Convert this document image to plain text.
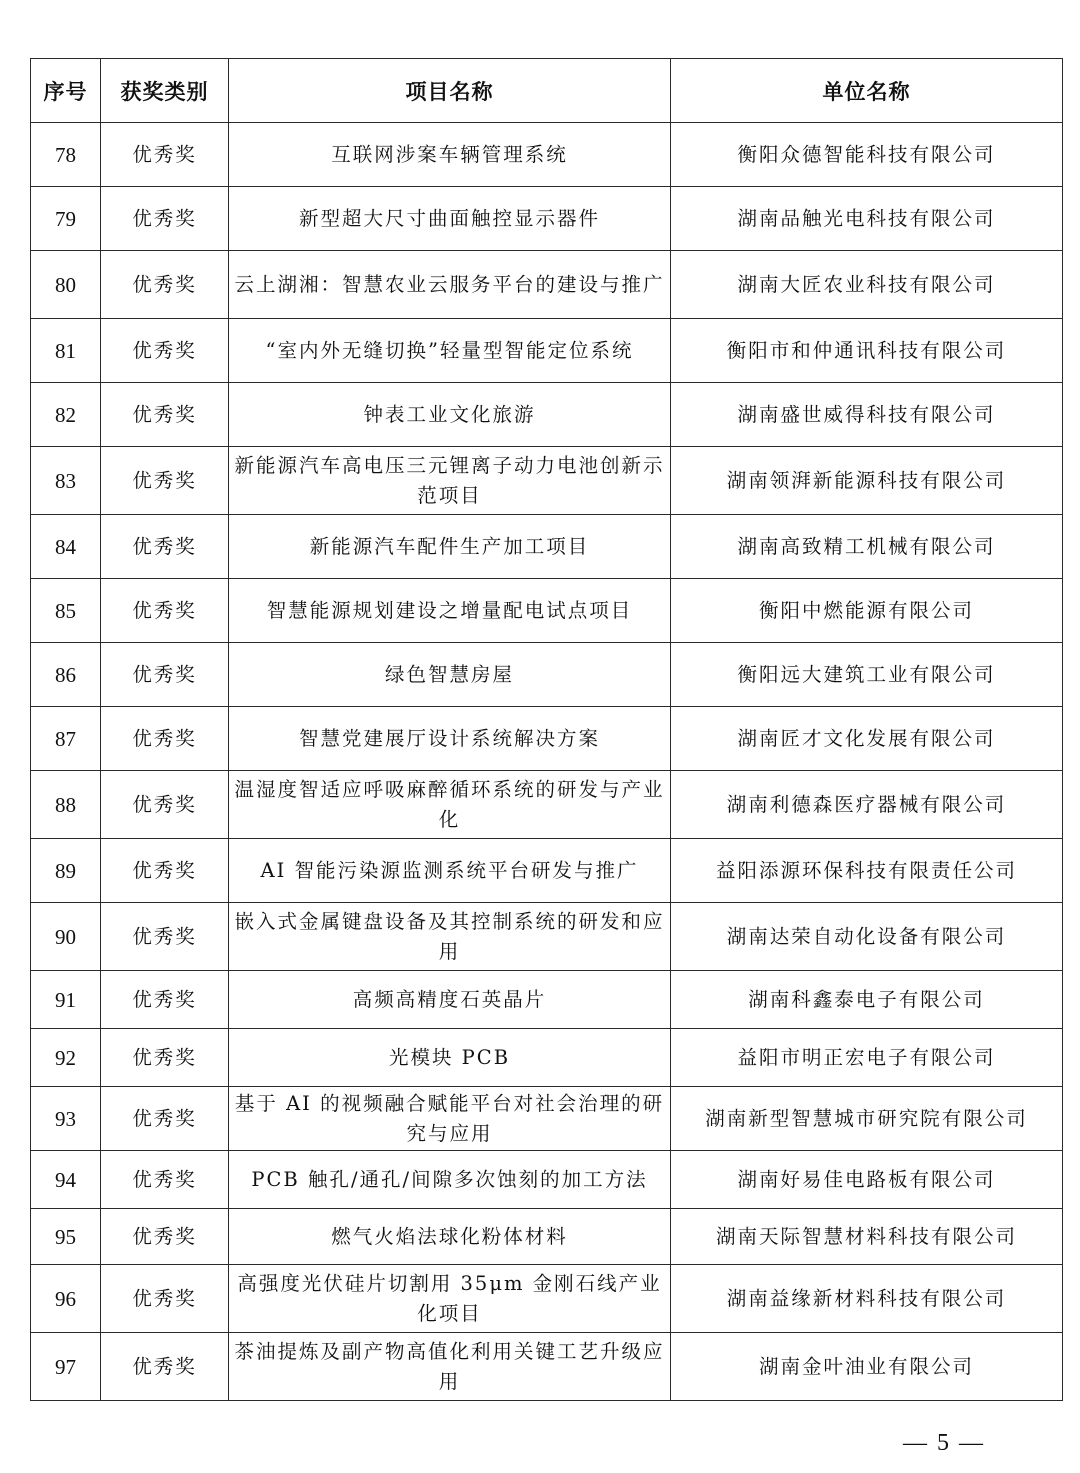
序号	获奖类别	项目名称	单位名称
78	优秀奖	互联网涉案车辆管理系统	衡阳众德智能科技有限公司
79	优秀奖	新型超大尺寸曲面触控显示器件	湖南品触光电科技有限公司
80	优秀奖	云上湖湘：智慧农业云服务平台的建设与推广	湖南大匠农业科技有限公司
81	优秀奖	“室内外无缝切换”轻量型智能定位系统	衡阳市和仲通讯科技有限公司
82	优秀奖	钟表工业文化旅游	湖南盛世威得科技有限公司
83	优秀奖	新能源汽车高电压三元锂离子动力电池创新示范项目	湖南领湃新能源科技有限公司
84	优秀奖	新能源汽车配件生产加工项目	湖南高致精工机械有限公司
85	优秀奖	智慧能源规划建设之增量配电试点项目	衡阳中燃能源有限公司
86	优秀奖	绿色智慧房屋	衡阳远大建筑工业有限公司
87	优秀奖	智慧党建展厅设计系统解决方案	湖南匠才文化发展有限公司
88	优秀奖	温湿度智适应呼吸麻醉循环系统的研发与产业化	湖南利德森医疗器械有限公司
89	优秀奖	AI 智能污染源监测系统平台研发与推广	益阳添源环保科技有限责任公司
90	优秀奖	嵌入式金属键盘设备及其控制系统的研发和应用	湖南达荣自动化设备有限公司
91	优秀奖	高频高精度石英晶片	湖南科鑫泰电子有限公司
92	优秀奖	光模块 PCB	益阳市明正宏电子有限公司
93	优秀奖	基于 AI 的视频融合赋能平台对社会治理的研究与应用	湖南新型智慧城市研究院有限公司
94	优秀奖	PCB 触孔/通孔/间隙多次蚀刻的加工方法	湖南好易佳电路板有限公司
95	优秀奖	燃气火焰法球化粉体材料	湖南天际智慧材料科技有限公司
96	优秀奖	高强度光伏硅片切割用 35μm 金刚石线产业化项目	湖南益缘新材料科技有限公司
97	优秀奖	茶油提炼及副产物高值化利用关键工艺升级应用	湖南金叶油业有限公司
— 5 —
